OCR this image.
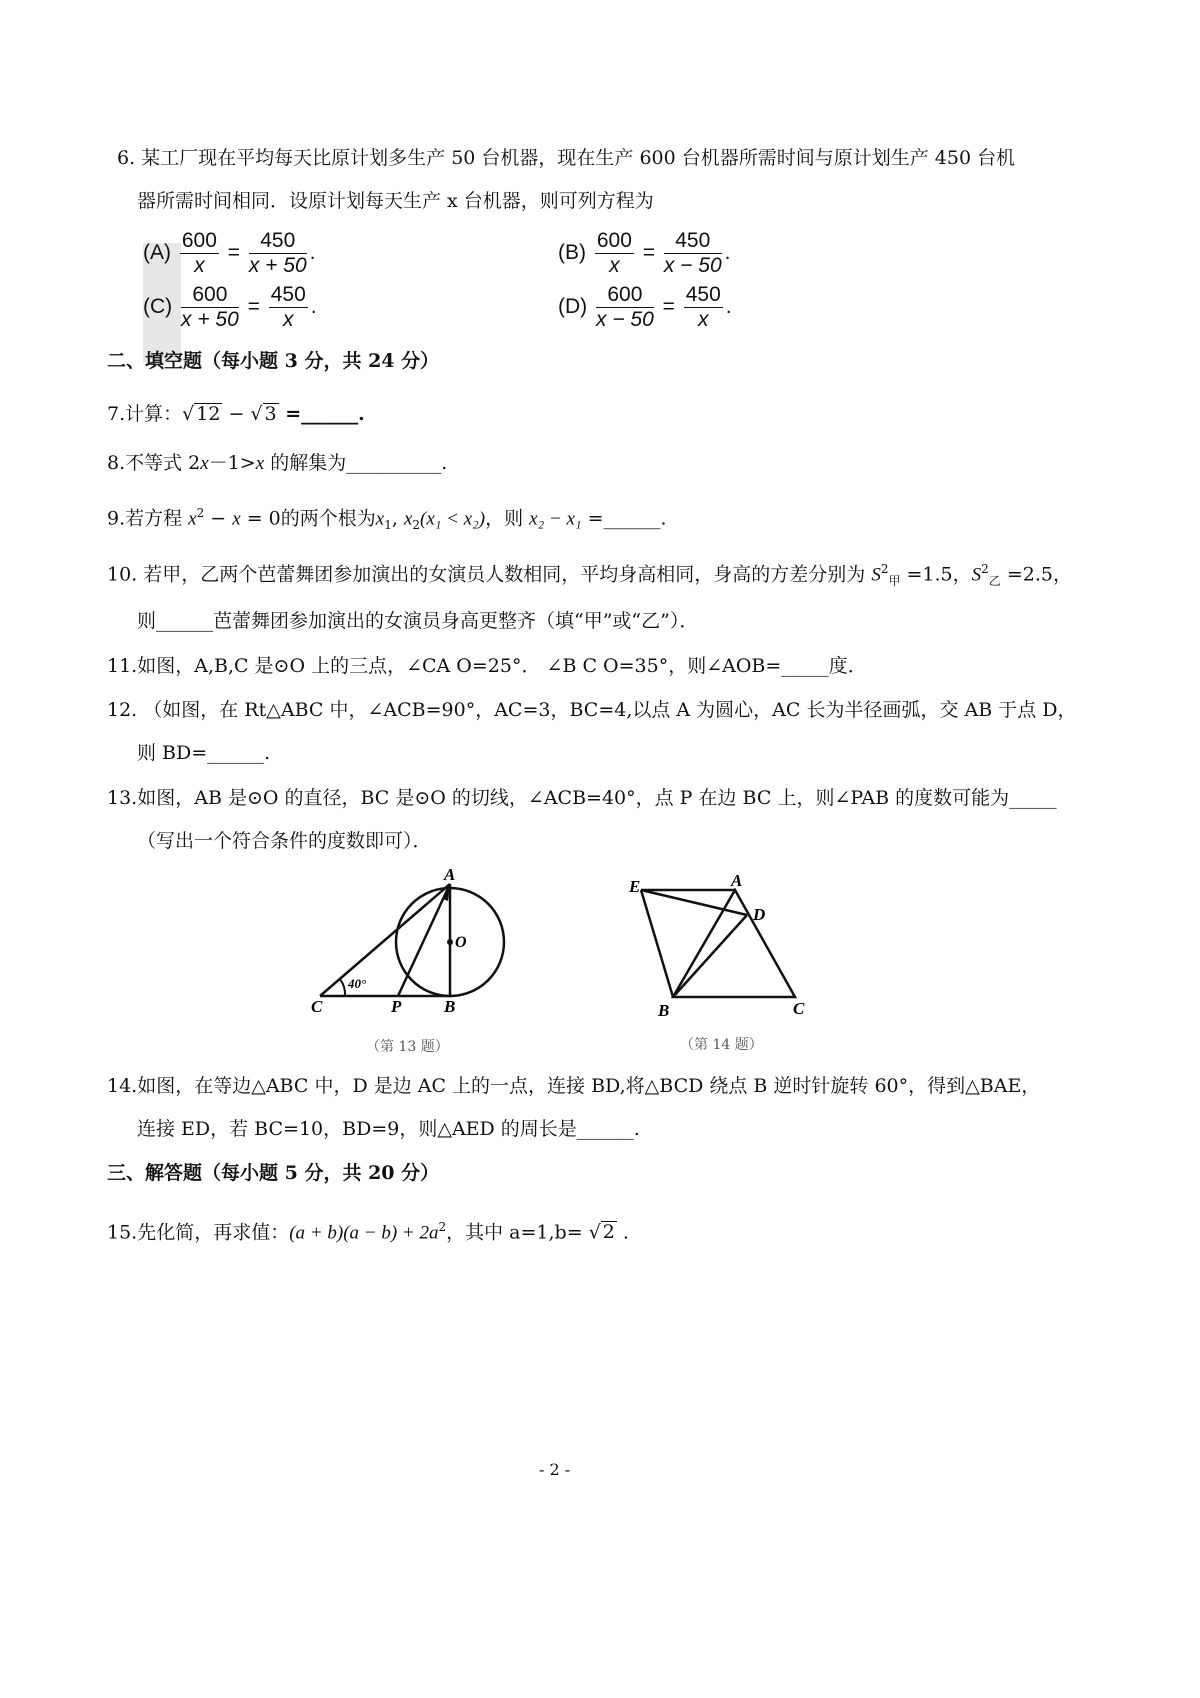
6. 某工厂现在平均每天比原计划多生产 50 台机器，现在生产 600 台机器所需时间与原计划生产 450 台机
器所需时间相同．设原计划每天生产 x 台机器，则可列方程为
$(A) \frac{600}{x} = \frac{450}{x + 50}$ .	$(B) \frac{600}{x} = \frac{450}{x - 50}$ .
$(C) \frac{600}{x + 50} = \frac{450}{x}$ .	$(D) \frac{600}{x - 50} = \frac{450}{x}$ .
二、填空题（每小题 3 分，共 24 分）
7.计算：√ 12 − √ 3 =______.
8.不等式 2x－1>x 的解集为__________.
9.若方程 $x^2 - x = 0$的两个根为$x_1$, $x_2(x_1 < x_2)$，则 x₂ − x₁ =______.
10. 若甲，乙两个芭蕾舞团参加演出的女演员人数相同，平均身高相同，身高的方差分别为 $S^2_甲 =1.5$，$S^2_乙 =2.5$，
则______芭蕾舞团参加演出的女演员身高更整齐（填“甲”或“乙”）．
11.如图，A,B,C 是⊙O 上的三点，∠CA O=25°． ∠B C O=35°，则∠AOB=_____度．
12. （如图，在 Rt△ABC 中，∠ACB=90°，AC=3，BC=4,以点 A 为圆心，AC 长为半径画弧，交 AB 于点 D，
则 BD=______.
13.如图，AB 是⊙O 的直径，BC 是⊙O 的切线，∠ACB=40°，点 P 在边 BC 上，则∠PAB 的度数可能为_____
（写出一个符合条件的度数即可）．
A
O
C	P	B
40°
（第 13 题）
E	A
D
B	C
（第 14 题）
14.如图，在等边△ABC 中，D 是边 AC 上的一点，连接 BD,将△BCD 绕点 B 逆时针旋转 60°，得到△BAE，
连接 ED，若 BC=10，BD=9，则△AED 的周长是______.
三、解答题（每小题 5 分，共 20 分）
15.先化简，再求值：$(a + b)(a - b) + 2a^2$，其中 a=1,b= √ 2 .
- 2 -
